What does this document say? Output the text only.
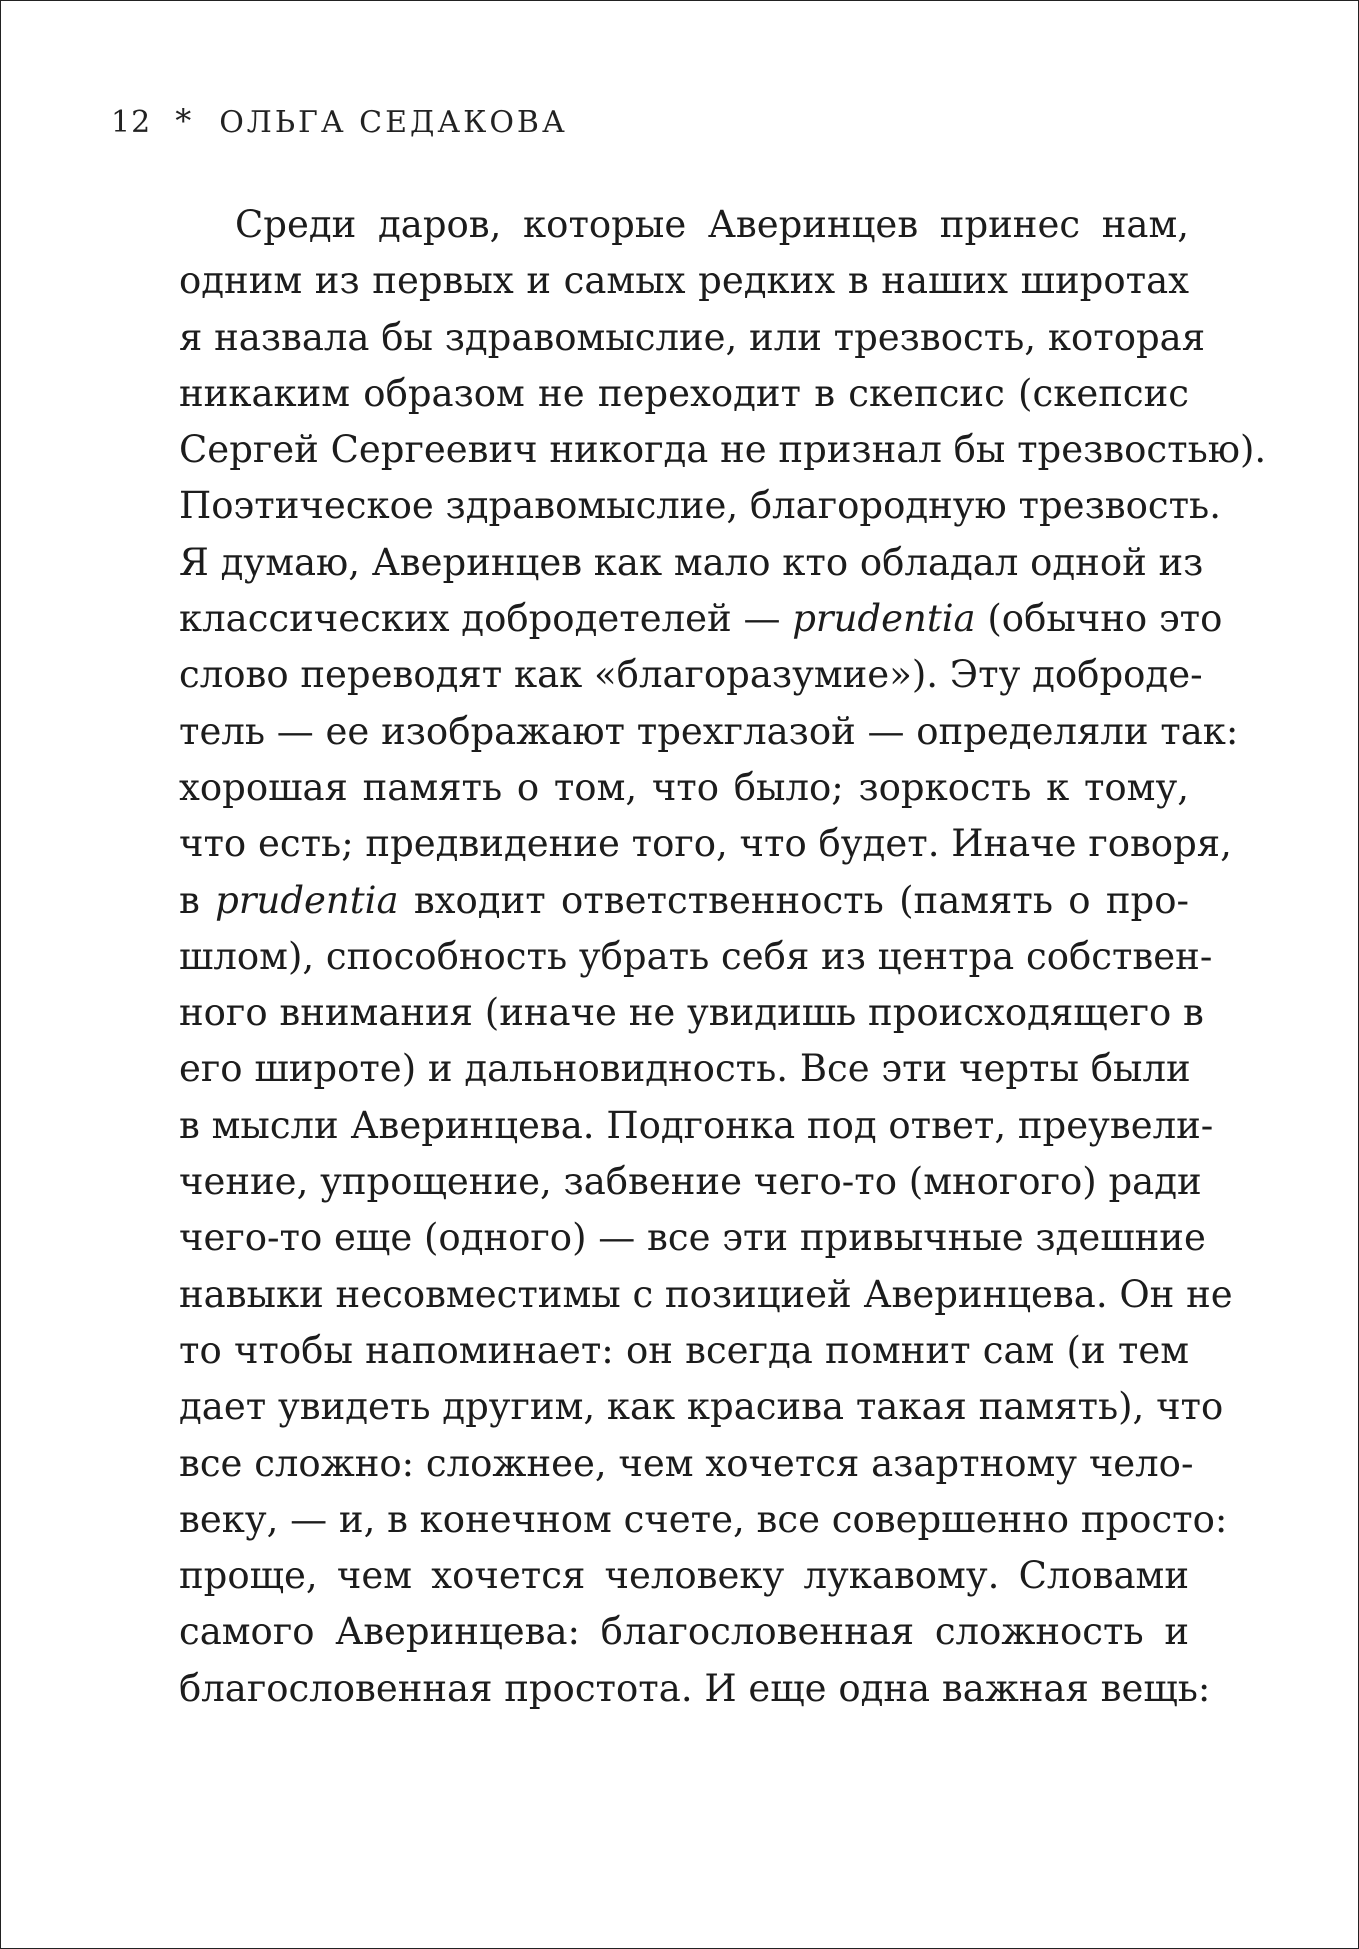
12 * ОЛЬГА СЕДАКОВА
Среди даров, которые Аверинцев принес нам,
одним из первых и самых редких в наших широтах
я назвала бы здравомыслие, или трезвость, которая
никаким образом не переходит в скепсис (скепсис
Сергей Сергеевич никогда не признал бы трезвостью).
Поэтическое здравомыслие, благородную трезвость.
Я думаю, Аверинцев как мало кто обладал одной из
классических добродетелей — prudentia (обычно это
слово переводят как «благоразумие»). Эту доброде-
тель — ее изображают трехглазой — определяли так:
хорошая память о том, что было; зоркость к тому,
что есть; предвидение того, что будет. Иначе говоря,
в prudentia входит ответственность (память о про-
шлом), способность убрать себя из центра собствен-
ного внимания (иначе не увидишь происходящего в
его широте) и дальновидность. Все эти черты были
в мысли Аверинцева. Подгонка под ответ, преувели-
чение, упрощение, забвение чего-то (многого) ради
чего-то еще (одного) — все эти привычные здешние
навыки несовместимы с позицией Аверинцева. Он не
то чтобы напоминает: он всегда помнит сам (и тем
дает увидеть другим, как красива такая память), что
все сложно: сложнее, чем хочется азартному чело-
веку, — и, в конечном счете, все совершенно просто:
проще, чем хочется человеку лукавому. Словами
самого Аверинцева: благословенная сложность и
благословенная простота. И еще одна важная вещь:
